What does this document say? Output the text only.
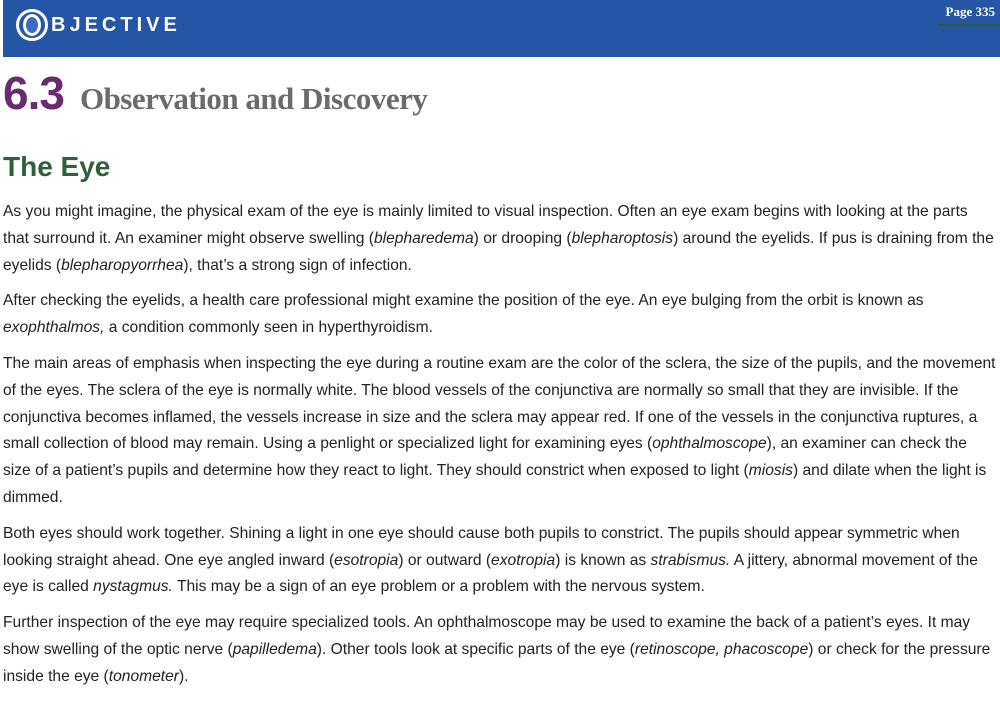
BJECTIVE
Page 335
6.3 Observation and Discovery
The Eye

As you might imagine, the physical exam of the eye is mainly limited to visual inspection. Often an eye exam begins with looking at the parts that surround it. An examiner might observe swelling (blepharedema) or drooping (blepharoptosis) around the eyelids. If pus is draining from the eyelids (blepharopyorrhea), that’s a strong sign of infection.

After checking the eyelids, a health care professional might examine the position of the eye. An eye bulging from the orbit is known as exophthalmos, a condition commonly seen in hyperthyroidism.

The main areas of emphasis when inspecting the eye during a routine exam are the color of the sclera, the size of the pupils, and the movement of the eyes. The sclera of the eye is normally white. The blood vessels of the conjunctiva are normally so small that they are invisible. If the conjunctiva becomes inflamed, the vessels increase in size and the sclera may appear red. If one of the vessels in the conjunctiva ruptures, a small collection of blood may remain. Using a penlight or specialized light for examining eyes (ophthalmoscope), an examiner can check the size of a patient’s pupils and determine how they react to light. They should constrict when exposed to light (miosis) and dilate when the light is dimmed.

Both eyes should work together. Shining a light in one eye should cause both pupils to constrict. The pupils should appear symmetric when looking straight ahead. One eye angled inward (esotropia) or outward (exotropia) is known as strabismus. A jittery, abnormal movement of the eye is called nystagmus. This may be a sign of an eye problem or a problem with the nervous system.

Further inspection of the eye may require specialized tools. An ophthalmoscope may be used to examine the back of a patient’s eyes. It may show swelling of the optic nerve (papilledema). Other tools look at specific parts of the eye (retinoscope, phacoscope) or check for the pressure inside the eye (tonometer).
